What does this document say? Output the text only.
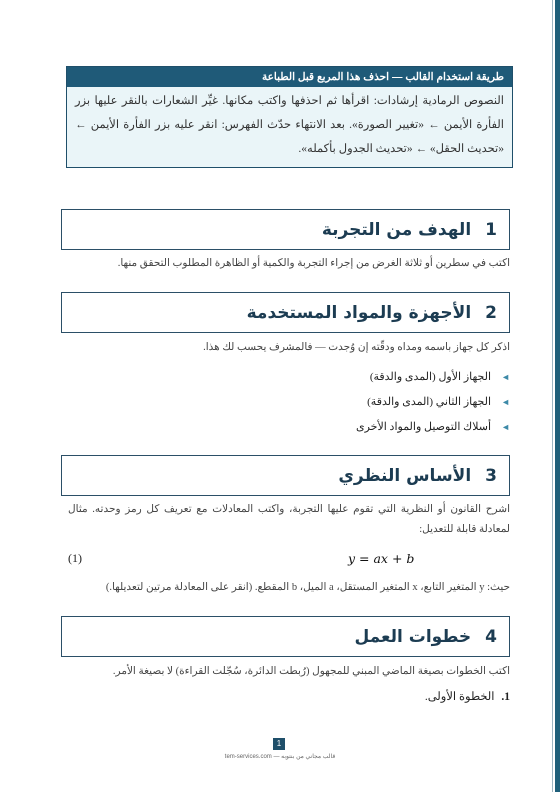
طريقة استخدام القالب — احذف هذا المربع قبل الطباعة
النصوص الرمادية إرشادات: اقرأها ثم احذفها واكتب مكانها. غيِّر الشعارات بالنقر عليها بزر الفأرة الأيمن ← «تغيير الصورة». بعد الانتهاء حدّث الفهرس: انقر عليه بزر الفأرة الأيمن ← «تحديث الحقل» ← «تحديث الجدول بأكمله».
1
الهدف من التجربة
اكتب في سطرين أو ثلاثة الغرض من إجراء التجربة والكمية أو الظاهرة المطلوب التحقق منها.
2
الأجهزة والمواد المستخدمة
اذكر كل جهاز باسمه ومداه ودقّته إن وُجدت — فالمشرف يحسب لك هذا.
◄الجهاز الأول (المدى والدقة)
◄الجهاز الثاني (المدى والدقة)
◄أسلاك التوصيل والمواد الأخرى
3
الأساس النظري
اشرح القانون أو النظرية التي تقوم عليها التجربة، واكتب المعادلات مع تعريف كل رمز وحدته. مثال لمعادلة قابلة للتعديل:
(1)	y = ax + b
حيث: y المتغير التابع، x المتغير المستقل، a الميل، b المقطع. (انقر على المعادلة مرتين لتعديلها.)
4
خطوات العمل
اكتب الخطوات بصيغة الماضي المبني للمجهول (رُبطت الدائرة، سُجّلت القراءة) لا بصيغة الأمر.
1. الخطوة الأولى.
1
قالب مجاني من بنتوبه — tem-services.com
